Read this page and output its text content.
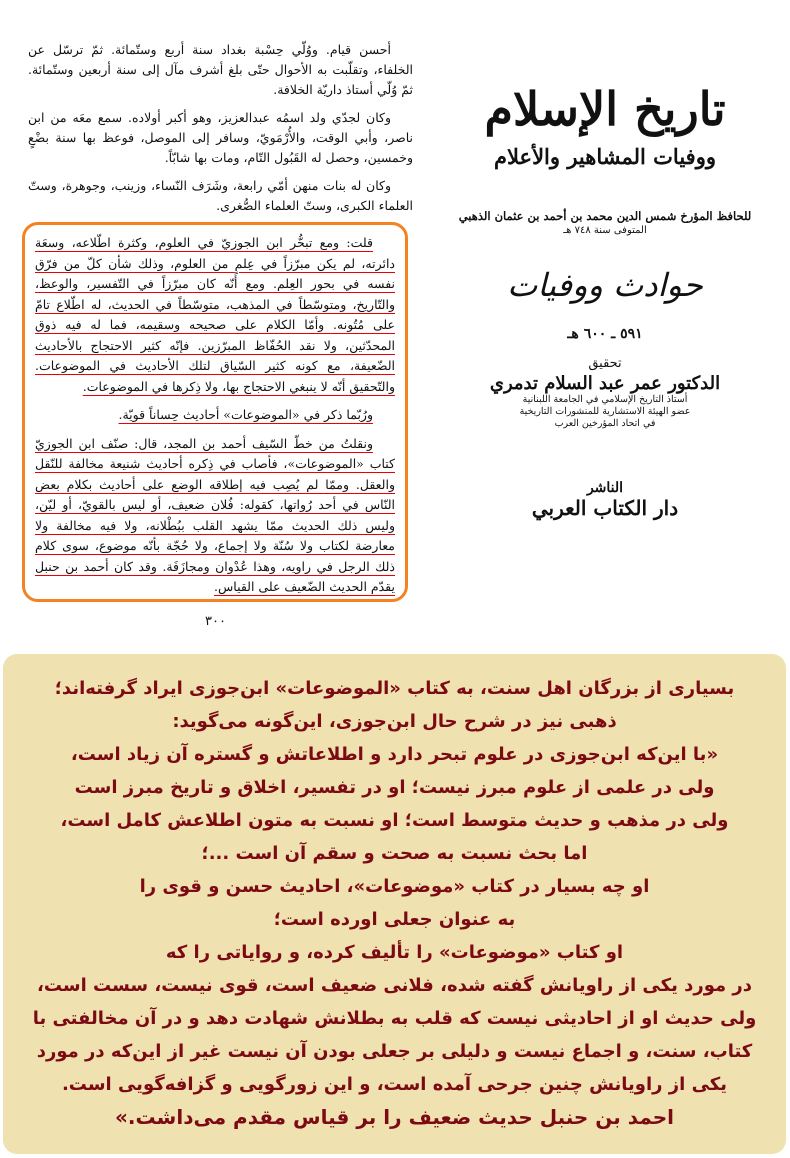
أحسن قيام. ووُلّي حِسْبة بغداد سنة أربع وستّمائة. ثمّ ترسّل عن الخلفاء، وتقلّبت به الأحوال حتّى بلغ أشرف مآل إلى سنة أربعين وستّمائة. ثمّ وُلّي أستاذ داريّة الخلافة.

وكان لجدّي ولد اسمُه عبدالعزيز، وهو أكبر أولاده. سمع معَه من ابن ناصر، وأبي الوقت، والأُرْمَويّ، وسافر إلى الموصل، فوعظ بها سنة بضْعٍ وخمسين، وحصل له القَبُول التّام، ومات بها شابّاً.

وكان له بنات منهن أمّي رابعة، وشَرَف النّساء، وزينب، وجوهرة، وستّ العلماء الكبرى، وستّ العلماء الصُّغرى.

قلت: ومع تبحُّر ابن الجوزيّ في العلوم، وكثرة اطّلاعه، وسعَة دائرته، لم يكن مبرّزاً في عِلمٍ من العلوم، وذلك شأن كلّ من فرّق نفسه في بحور العِلم. ومع أنّه كان مبرّزاً في التّفسير، والوعظ، والتّاريخ، ومتوسّطاً في المذهب، متوسّطاً في الحديث، له اطّلاع تامّ على مُتُونه. وأمّا الكلام على صحيحه وسقيمه، فما له فيه ذوق المحدّثين، ولا نقد الحُفّاظ المبرّزين. فإنّه كثير الاحتجاج بالأحاديث الضّعيفة، مع كونه كثير السّياق لتلك الأحاديث في الموضوعات. والتّحقيق أنّه لا ينبغي الاحتجاج بها، ولا ذِكرها في الموضوعات.

ورُبّما ذكر في «الموضوعات» أحاديث حِساناً قويّة.

ونقلتُ من خطّ السّيف أحمد بن المجد، قال: صنّف ابن الجوزيّ كتاب «الموضوعات»، فأصاب في ذِكره أحاديث شنيعة مخالفة للنّقل والعقل. وممّا لم يُصِب فيه إطلاقه الوضع على أحاديث بكلام بعض النّاس في أحد رُواتها، كقوله: فُلان ضعيف، أو ليس بالقويّ، أو ليّن، وليس ذلك الحديث ممّا يشهد القلب ببُطْلانه، ولا فيه مخالفة ولا معارضة لكتاب ولا سُنّة ولا إجماع، ولا حُجّة بأنّه موضوع، سوى كلام ذلك الرجل في راويه، وهذا عُدْوان ومجازَفَة. وقد كان أحمد بن حنبل يقدّم الحديث الضّعيف على القياس.

٣٠٠
تاريخ الإسلام
ووفيات المشاهير والأعلام
للحافظ المؤرخ شمس الدين محمد بن أحمد بن عثمان الذهبي
المتوفى سنة ٧٤٨ هـ
حوادث ووفيات
٥٩١ ـ ٦٠٠ هـ
تحقيق
الدكتور عمر عبد السلام تدمري
أستاذ التاريخ الإسلامي في الجامعة اللبنانية
عضو الهيئة الاستشارية للمنشورات التاريخية
في اتحاد المؤرخين العرب
الناشر
دار الكتاب العربي
بسیاری از بزرگان اهل سنت، به کتاب «الموضوعات» ابن‌جوزی ایراد گرفته‌اند؛
ذهبی نیز در شرح حال ابن‌جوزی، این‌گونه می‌گوید:
«با این‌که ابن‌جوزی در علوم تبحر دارد و اطلاعاتش و گستره آن زیاد است،
ولی در علمی از علوم مبرز نیست؛ او در تفسیر، اخلاق و تاریخ مبرز است
ولی در مذهب و حدیث متوسط است؛ او نسبت به متون اطلاعش کامل است،
اما بحث نسبت به صحت و سقم آن است ...؛
او چه بسیار در کتاب «موضوعات»، احادیث حسن و قوی را
به عنوان جعلی اورده است؛
او کتاب «موضوعات» را تألیف کرده، و روایاتی را که
در مورد یکی از راویانش گفته شده، فلانی ضعیف است، قوی نیست، سست است،
ولی حدیث او از احادیثی نیست که قلب به بطلانش شهادت دهد و در آن مخالفتی با
کتاب، سنت، و اجماع نیست و دلیلی بر جعلی بودن آن نیست غیر از این‌که در مورد
یکی از راویانش چنین جرحی آمده است، و این زورگویی و گزافه‌گویی است.
احمد بن حنبل حدیث ضعیف را بر قیاس مقدم می‌داشت.»
